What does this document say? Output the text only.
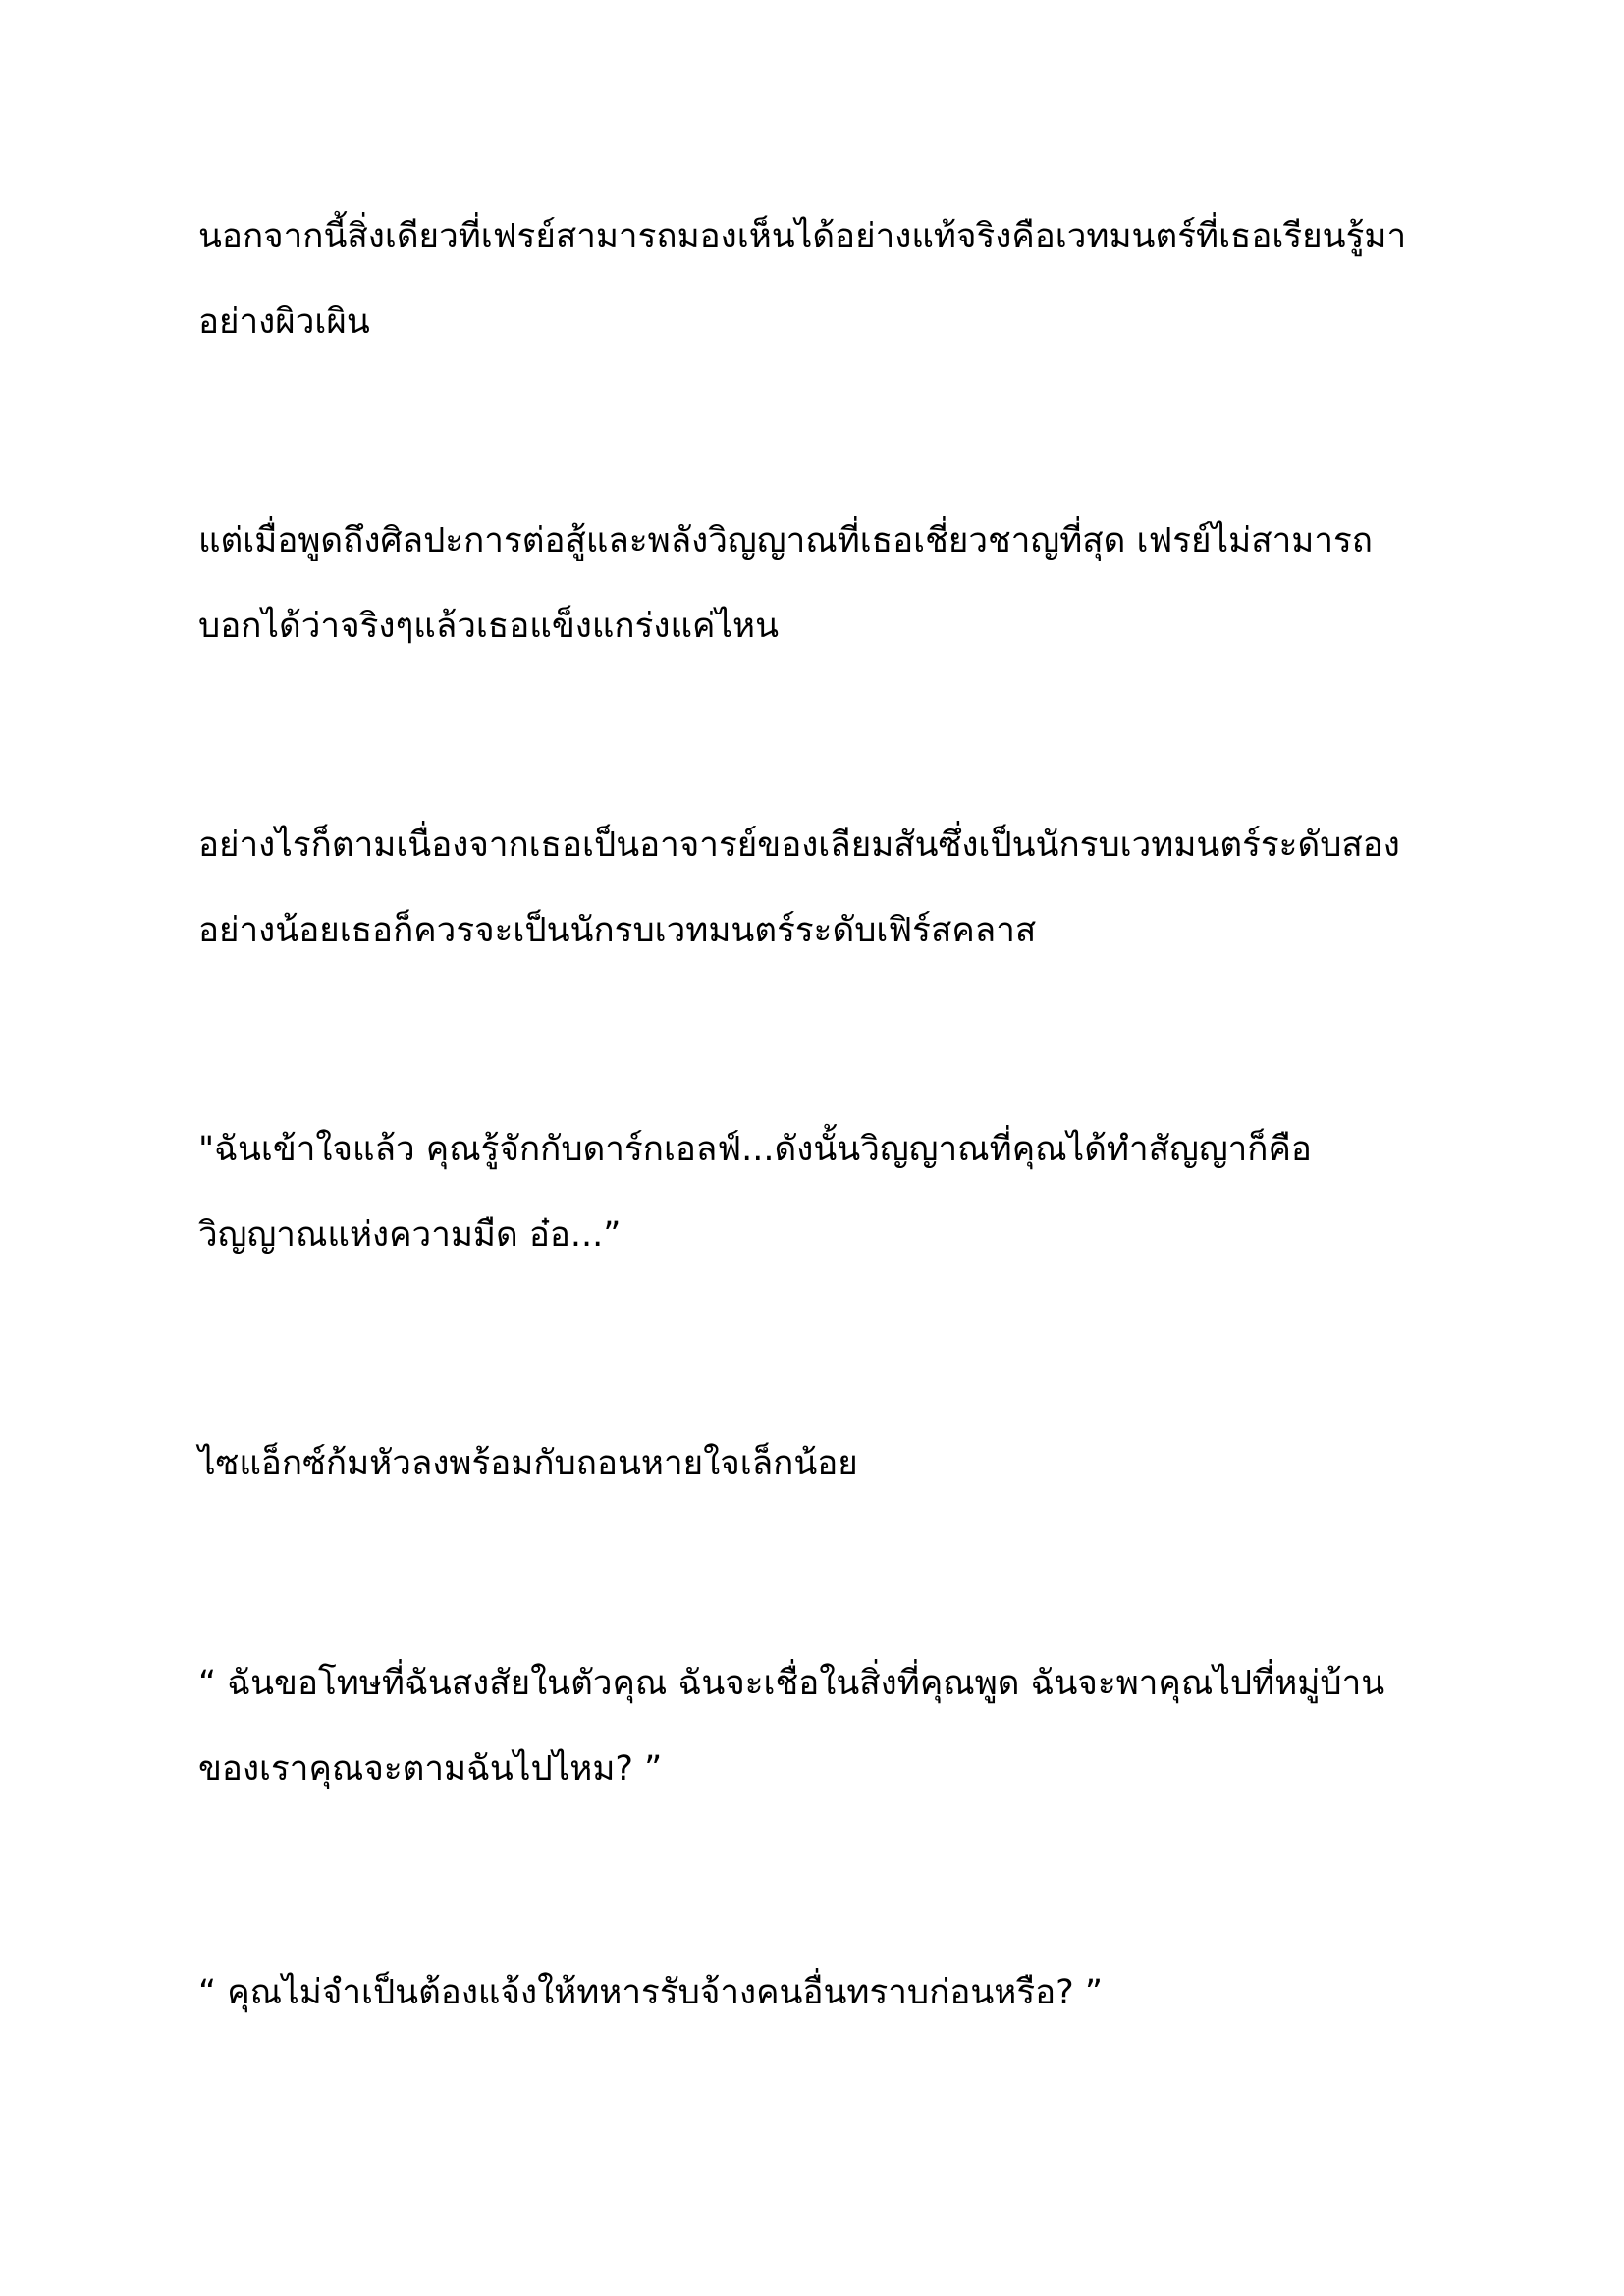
นอกจากนี้สิ่งเดียวที่เฟรย์สามารถมองเห็นได้อย่างแท้จริงคือเวทมนตร์ที่เธอเรียนรู้มาอย่างผิวเผิน

แต่เมื่อพูดถึงศิลปะการต่อสู้และพลังวิญญาณที่เธอเชี่ยวชาญที่สุด เฟรย์ไม่สามารถบอกได้ว่าจริงๆแล้วเธอแข็งแกร่งแค่ไหน

อย่างไรก็ตามเนื่องจากเธอเป็นอาจารย์ของเลียมสันซึ่งเป็นนักรบเวทมนตร์ระดับสองอย่างน้อยเธอก็ควรจะเป็นนักรบเวทมนตร์ระดับเฟิร์สคลาส

"ฉันเข้าใจแล้ว คุณรู้จักกับดาร์กเอลฟ์...ดังนั้นวิญญาณที่คุณได้ทำสัญญาก็คือวิญญาณแห่งความมืด อ๋อ...”

ไซแอ็กซ์ก้มหัวลงพร้อมกับถอนหายใจเล็กน้อย

“ ฉันขอโทษที่ฉันสงสัยในตัวคุณ ฉันจะเชื่อในสิ่งที่คุณพูด ฉันจะพาคุณไปที่หมู่บ้านของเราคุณจะตามฉันไปไหม? ”

“ คุณไม่จำเป็นต้องแจ้งให้ทหารรับจ้างคนอื่นทราบก่อนหรือ? ”
